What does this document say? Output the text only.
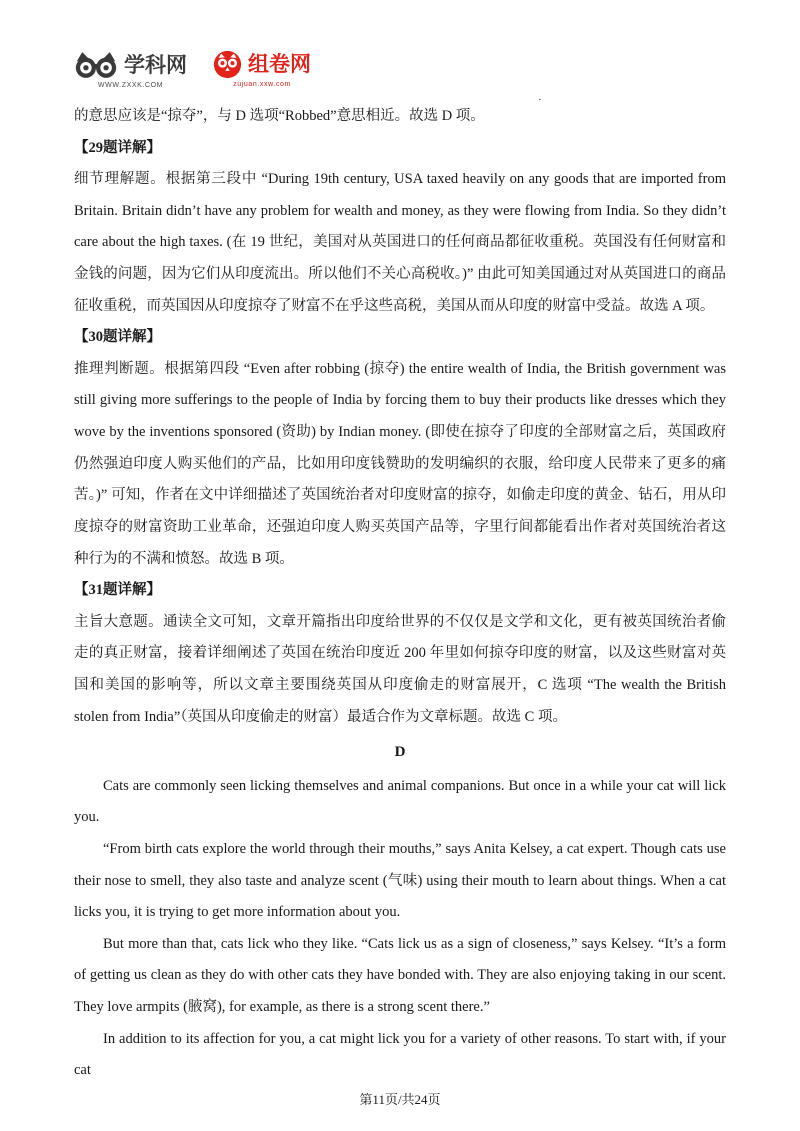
学科网
WWW.ZXXK.COM
组卷网
zujuan.xxw.com
·

的意思应该是“掠夺”，与 D 选项“Robbed”意思相近。故选 D 项。

【29题详解】

细节理解题。根据第三段中 “During 19th century, USA taxed heavily on any goods that are imported from Britain. Britain didn’t have any problem for wealth and money, as they were flowing from India. So they didn’t care about the high taxes. (在 19 世纪，美国对从英国进口的任何商品都征收重税。英国没有任何财富和金钱的问题，因为它们从印度流出。所以他们不关心高税收。)” 由此可知美国通过对从英国进口的商品征收重税，而英国因从印度掠夺了财富不在乎这些高税，美国从而从印度的财富中受益。故选 A 项。

【30题详解】

推理判断题。根据第四段 “Even after robbing (掠夺) the entire wealth of India, the British government was still giving more sufferings to the people of India by forcing them to buy their products like dresses which they wove by the inventions sponsored (资助) by Indian money. (即使在掠夺了印度的全部财富之后，英国政府仍然强迫印度人购买他们的产品，比如用印度钱赞助的发明编织的衣服，给印度人民带来了更多的痛苦。)” 可知，作者在文中详细描述了英国统治者对印度财富的掠夺，如偷走印度的黄金、钻石，用从印度掠夺的财富资助工业革命，还强迫印度人购买英国产品等，字里行间都能看出作者对英国统治者这种行为的不满和愤怒。故选 B 项。

【31题详解】

主旨大意题。通读全文可知，文章开篇指出印度给世界的不仅仅是文学和文化，更有被英国统治者偷走的真正财富，接着详细阐述了英国在统治印度近 200 年里如何掠夺印度的财富，以及这些财富对英国和美国的影响等，所以文章主要围绕英国从印度偷走的财富展开，C 选项 “The wealth the British stolen from India”（英国从印度偷走的财富）最适合作为文章标题。故选 C 项。

D

Cats are commonly seen licking themselves and animal companions. But once in a while your cat will lick you.

“From birth cats explore the world through their mouths,” says Anita Kelsey, a cat expert. Though cats use their nose to smell, they also taste and analyze scent (气味) using their mouth to learn about things. When a cat licks you, it is trying to get more information about you.

But more than that, cats lick who they like. “Cats lick us as a sign of closeness,” says Kelsey. “It’s a form of getting us clean as they do with other cats they have bonded with. They are also enjoying taking in our scent. They love armpits (腋窝), for example, as there is a strong scent there.”

In addition to its affection for you, a cat might lick you for a variety of other reasons. To start with, if your cat

第11页/共24页
